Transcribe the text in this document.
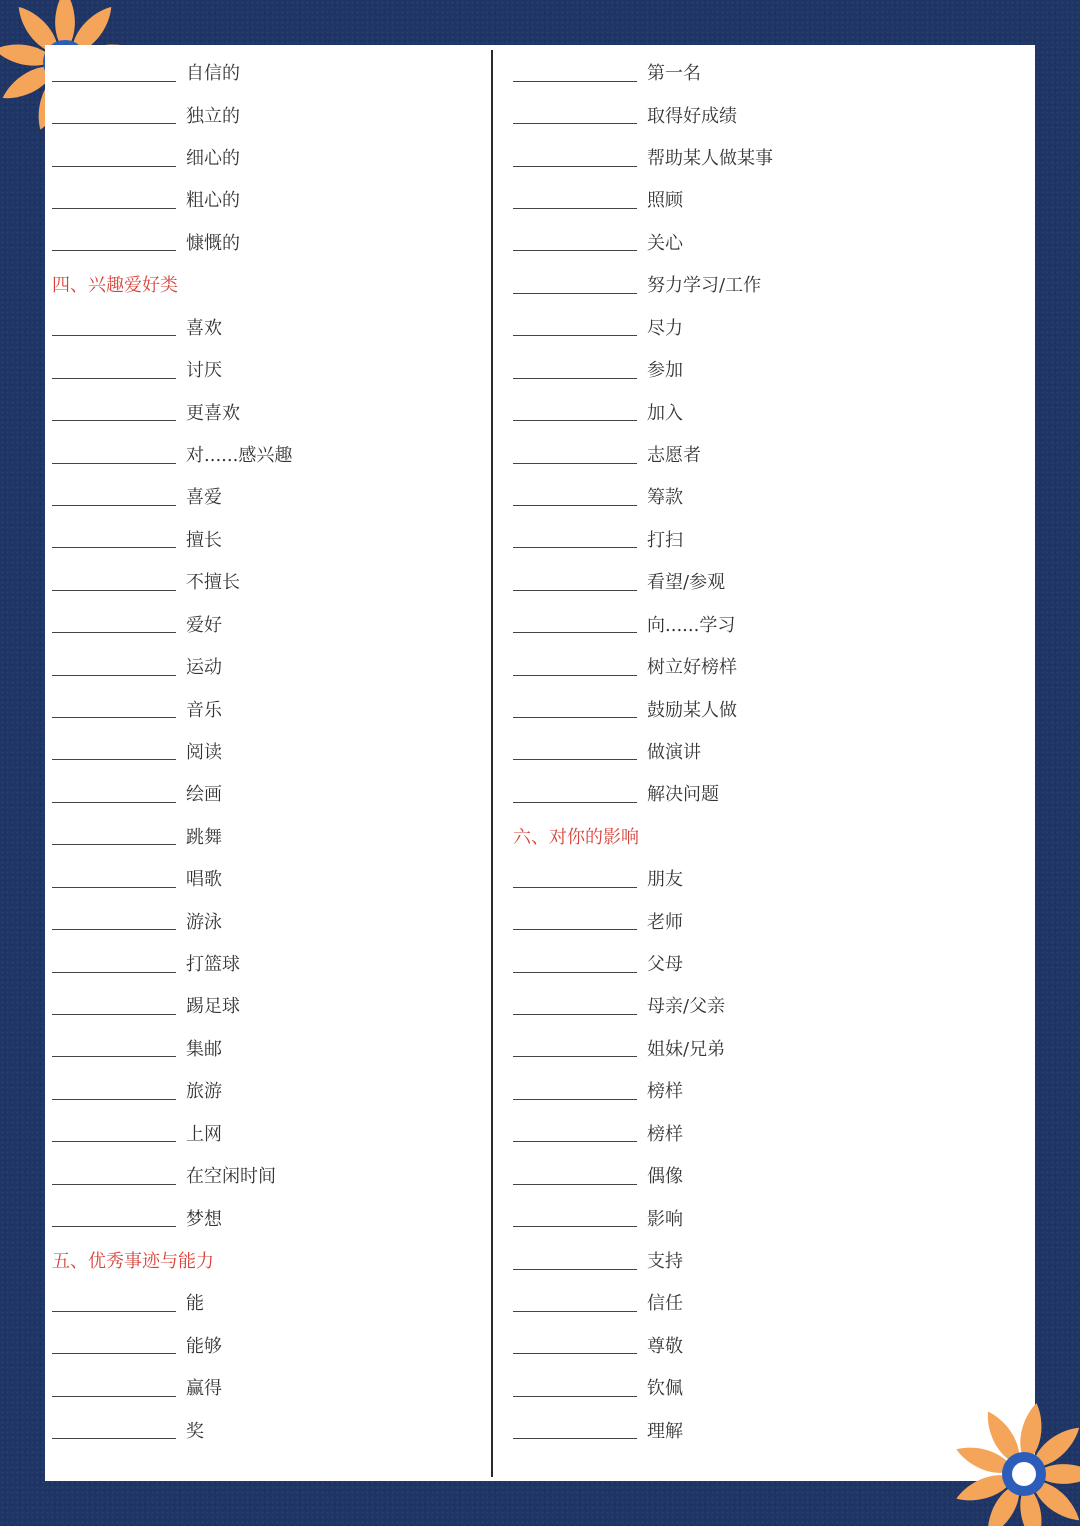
自信的
独立的
细心的
粗心的
慷慨的
四、兴趣爱好类
喜欢
讨厌
更喜欢
对......感兴趣
喜爱
擅长
不擅长
爱好
运动
音乐
阅读
绘画
跳舞
唱歌
游泳
打篮球
踢足球
集邮
旅游
上网
在空闲时间
梦想
五、优秀事迹与能力
能
能够
赢得
奖
第一名
取得好成绩
帮助某人做某事
照顾
关心
努力学习/工作
尽力
参加
加入
志愿者
筹款
打扫
看望/参观
向......学习
树立好榜样
鼓励某人做
做演讲
解决问题
六、对你的影响
朋友
老师
父母
母亲/父亲
姐妹/兄弟
榜样
榜样
偶像
影响
支持
信任
尊敬
钦佩
理解
